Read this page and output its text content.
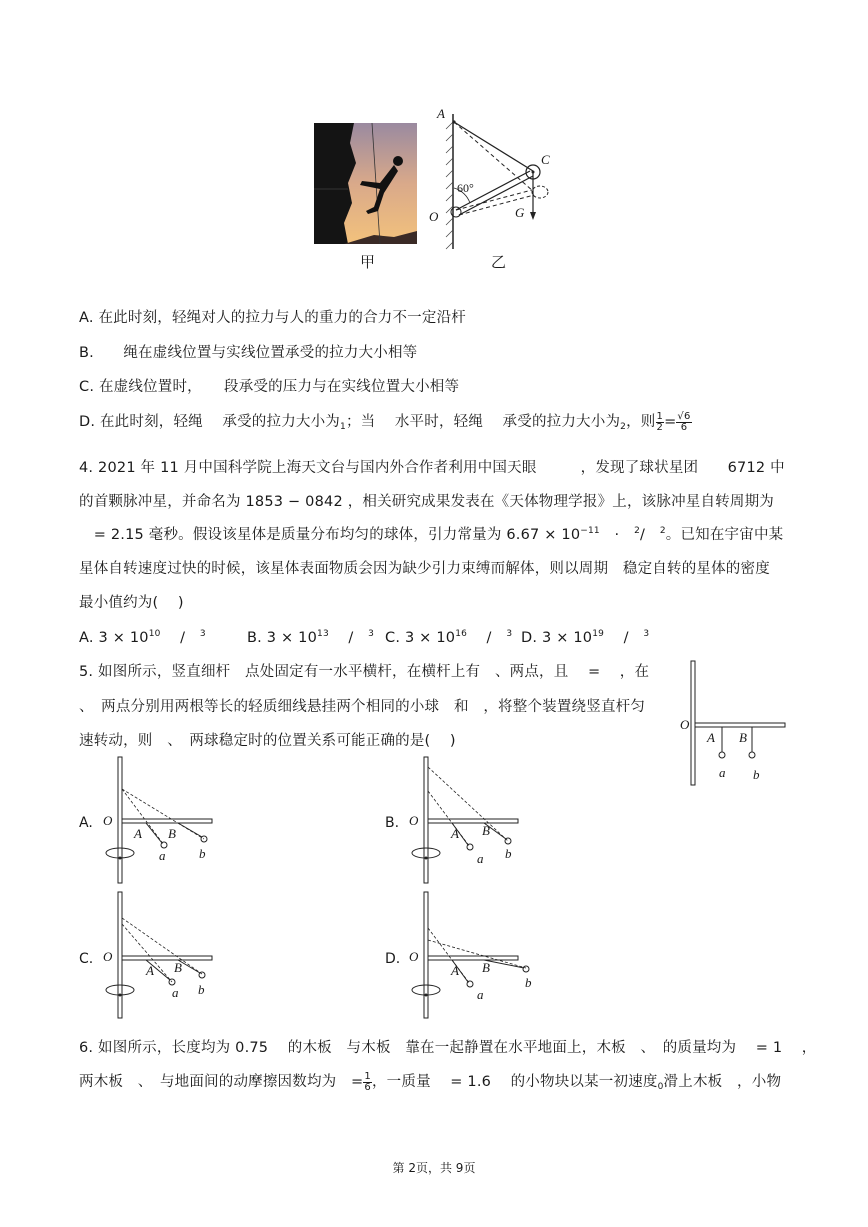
甲
A
C
O	G
60°
乙
A. 在此时刻，轻绳对人的拉力与人的重力的合力不一定沿杆
B.　　绳在虚线位置与实线位置承受的拉力大小相等
C. 在虚线位置时，　　段承受的压力与在实线位置大小相等
D. 在此时刻，轻绳　 承受的拉力大小为$_1$；当　 水平时，轻绳　 承受的拉力大小为$_2$，则 $\frac{1}{2} = \frac{√6}{6}$
4. 2021 年 11 月中国科学院上海天文台与国内外合作者利用中国天眼　　　，发现了球状星团　　6712 中
的首颗脉冲星，并命名为 1853 − 0842 ，相关研究成果发表在《天体物理学报》上，该脉冲星自转周期为
　= 2.15 毫秒。假设该星体是质量分布均匀的球体，引力常量为 $6.67 \times 10^{-11}$　·　$^2$/　$^2$。已知在宇宙中某
星体自转速度过快的时候，该星体表面物质会因为缺少引力束缚而解体，则以周期　稳定自转的星体的密度
最小值约为(　 )
A. $3 \times 10^{10}$　 /　$^3$	B. $3 \times 10^{13}$　 /　$^3$ C. $3 \times 10^{16}$　 /　$^3$ D. $3 \times 10^{19}$　 /　$^3$
5. 如图所示，竖直细杆　点处固定有一水平横杆，在横杆上有　、两点，且　 = 　，在
、　两点分别用两根等长的轻质细线悬挂两个相同的小球　和　，将整个装置绕竖直杆匀
速转动，则　、　两球稳定时的位置关系可能正确的是(　 )
O
A B
a b
A. O
A B
a	b
B. O
A B
a b
C. O
A B
a b
D. O
A B
a
b
6. 如图所示，长度均为 0.75　 的木板　与木板　靠在一起静置在水平地面上，木板　、　的质量均为　 = 1　 ，
两木板　、　与地面间的动摩擦因数均为　= $\frac{1}{6}$ ，一质量　 = 1.6　 的小物块以某一初速度$_0$滑上木板　，小物
第 2页，共 9页
